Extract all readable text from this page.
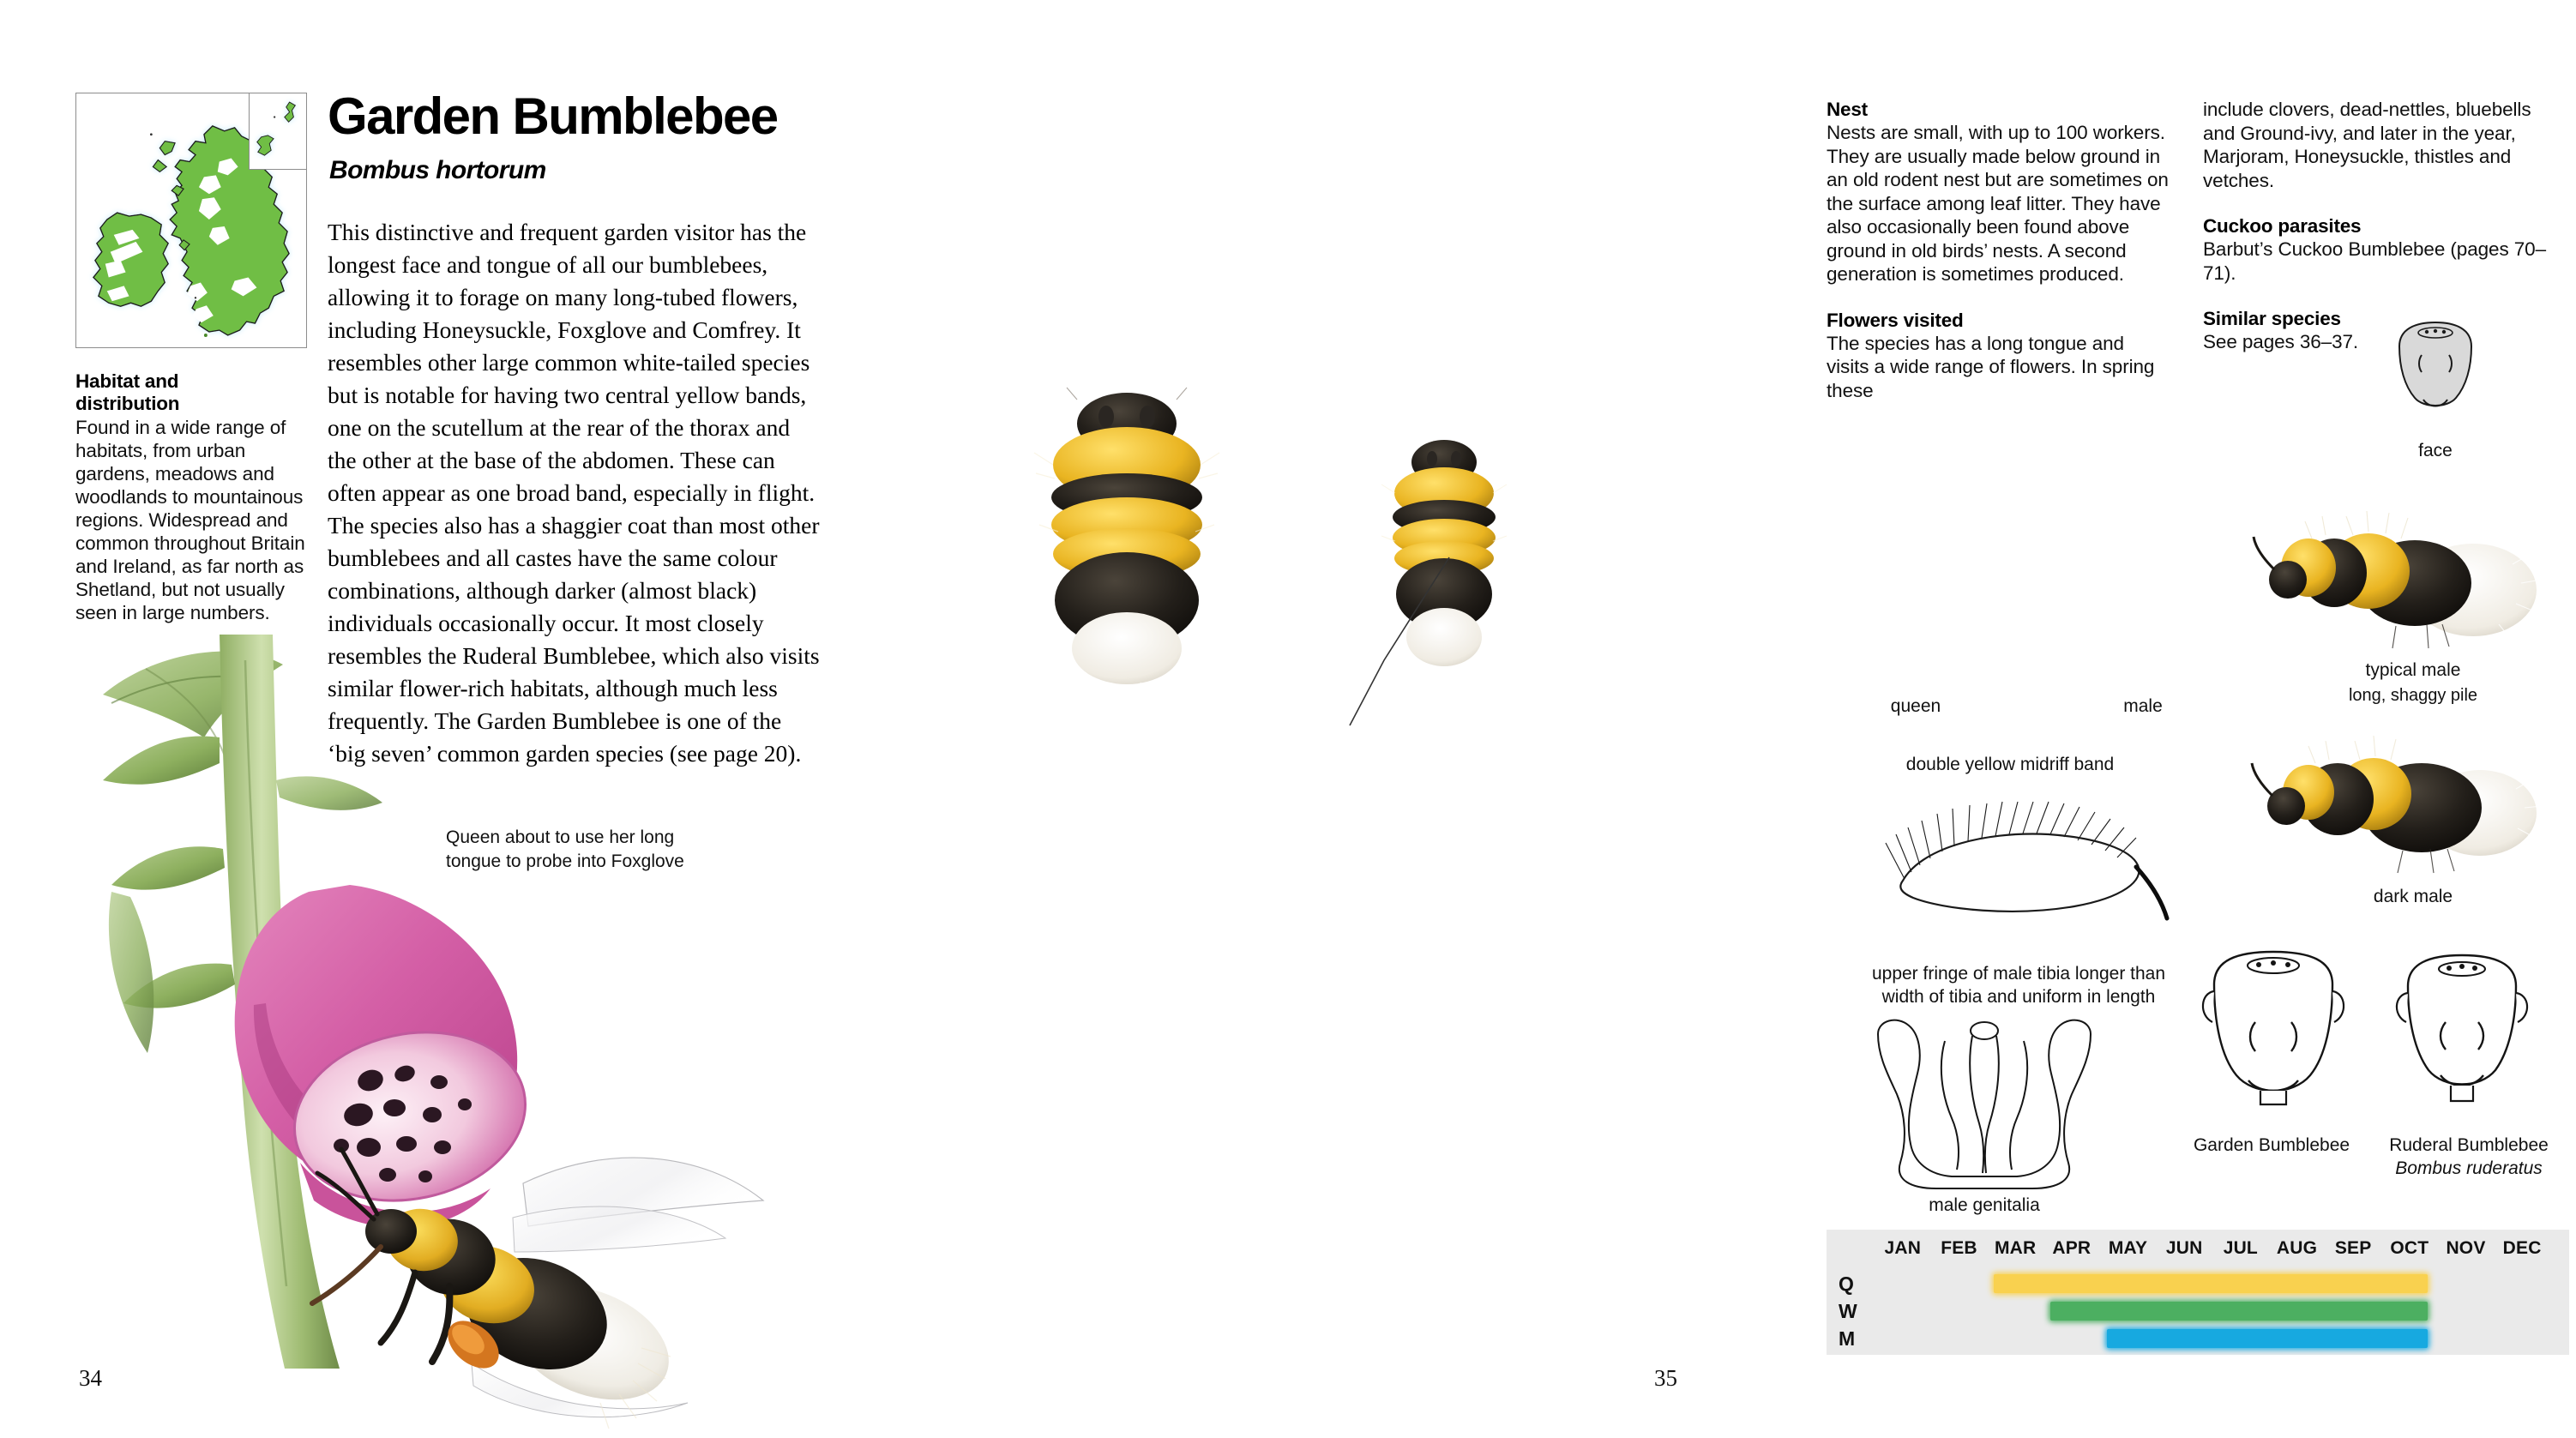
Habitat and
distribution
Found in a wide range of habitats, from urban gardens, meadows and woodlands to mountainous regions. Widespread and common throughout Britain and Ireland, as far north as Shetland, but not usually seen in large numbers.
Garden Bumblebee
Bombus hortorum
This distinctive and frequent garden visitor has the longest face and tongue of all our bumblebees, allowing it to forage on many long-tubed flowers, including Honeysuckle, Foxglove and Comfrey. It resembles other large common white-tailed species but is notable for having two central yellow bands, one on the scutellum at the rear of the thorax and the other at the base of the abdomen. These can often appear as one broad band, especially in flight. The species also has a shaggier coat than most other bumblebees and all castes have the same colour combinations, although darker (almost black) individuals occasionally occur. It most closely resembles the Ruderal Bumblebee, which also visits similar flower-rich habitats, although much less frequently. The Garden Bumblebee is one of the ‘big seven’ common garden species (see page 20).
Queen about to use her long tongue to probe into Foxglove
34
Nest

Nests are small, with up to 100 workers. They are usually made below ground in an old rodent nest but are sometimes on the surface among leaf litter. They have also occasionally been found above ground in old birds’ nests. A second generation is sometimes produced.

Flowers visited

The species has a long tongue and visits a wide range of flowers. In spring these

include clovers, dead-nettles, bluebells and Ground-ivy, and later in the year, Marjoram, Honeysuckle, thistles and vetches.

Cuckoo parasites

Barbut’s Cuckoo Bumblebee (pages 70–71).

Similar species

See pages 36–37.

queen	male
double yellow midriff band
upper fringe of male tibia longer than
width of tibia and uniform in length
male genitalia
face
typical male
long, shaggy pile
dark male
Garden Bumblebee	Ruderal Bumblebee
Bombus ruderatus
JAN	FEB MAR APR MAY	JUN	JUL	AUG SEP	OCT NOV DEC
Q
W
M
35
